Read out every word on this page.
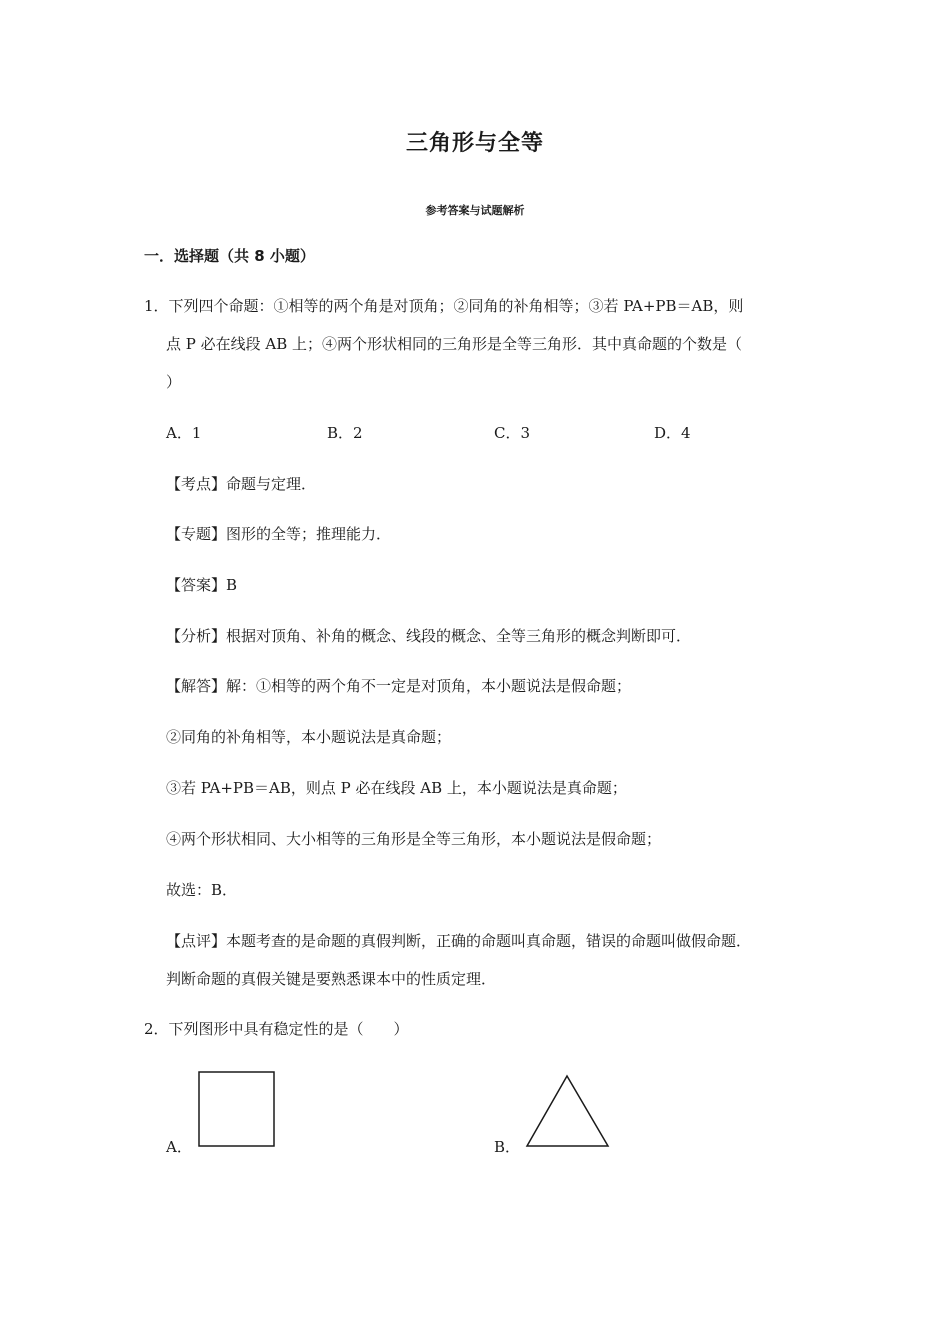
三角形与全等
参考答案与试题解析
一．选择题（共 8 小题）
1．下列四个命题：①相等的两个角是对顶角；②同角的补角相等；③若 PA+PB＝AB，则
点 P 必在线段 AB 上；④两个形状相同的三角形是全等三角形．其中真命题的个数是（
）
A．1	B．2	C．3	D．4
【考点】命题与定理．
【专题】图形的全等；推理能力．
【答案】B
【分析】根据对顶角、补角的概念、线段的概念、全等三角形的概念判断即可．
【解答】解：①相等的两个角不一定是对顶角，本小题说法是假命题；
②同角的补角相等，本小题说法是真命题；
③若 PA+PB＝AB，则点 P 必在线段 AB 上，本小题说法是真命题；
④两个形状相同、大小相等的三角形是全等三角形，本小题说法是假命题；
故选：B．
【点评】本题考查的是命题的真假判断，正确的命题叫真命题，错误的命题叫做假命题．
判断命题的真假关键是要熟悉课本中的性质定理．
2．下列图形中具有稳定性的是（　　）
A．	B．
